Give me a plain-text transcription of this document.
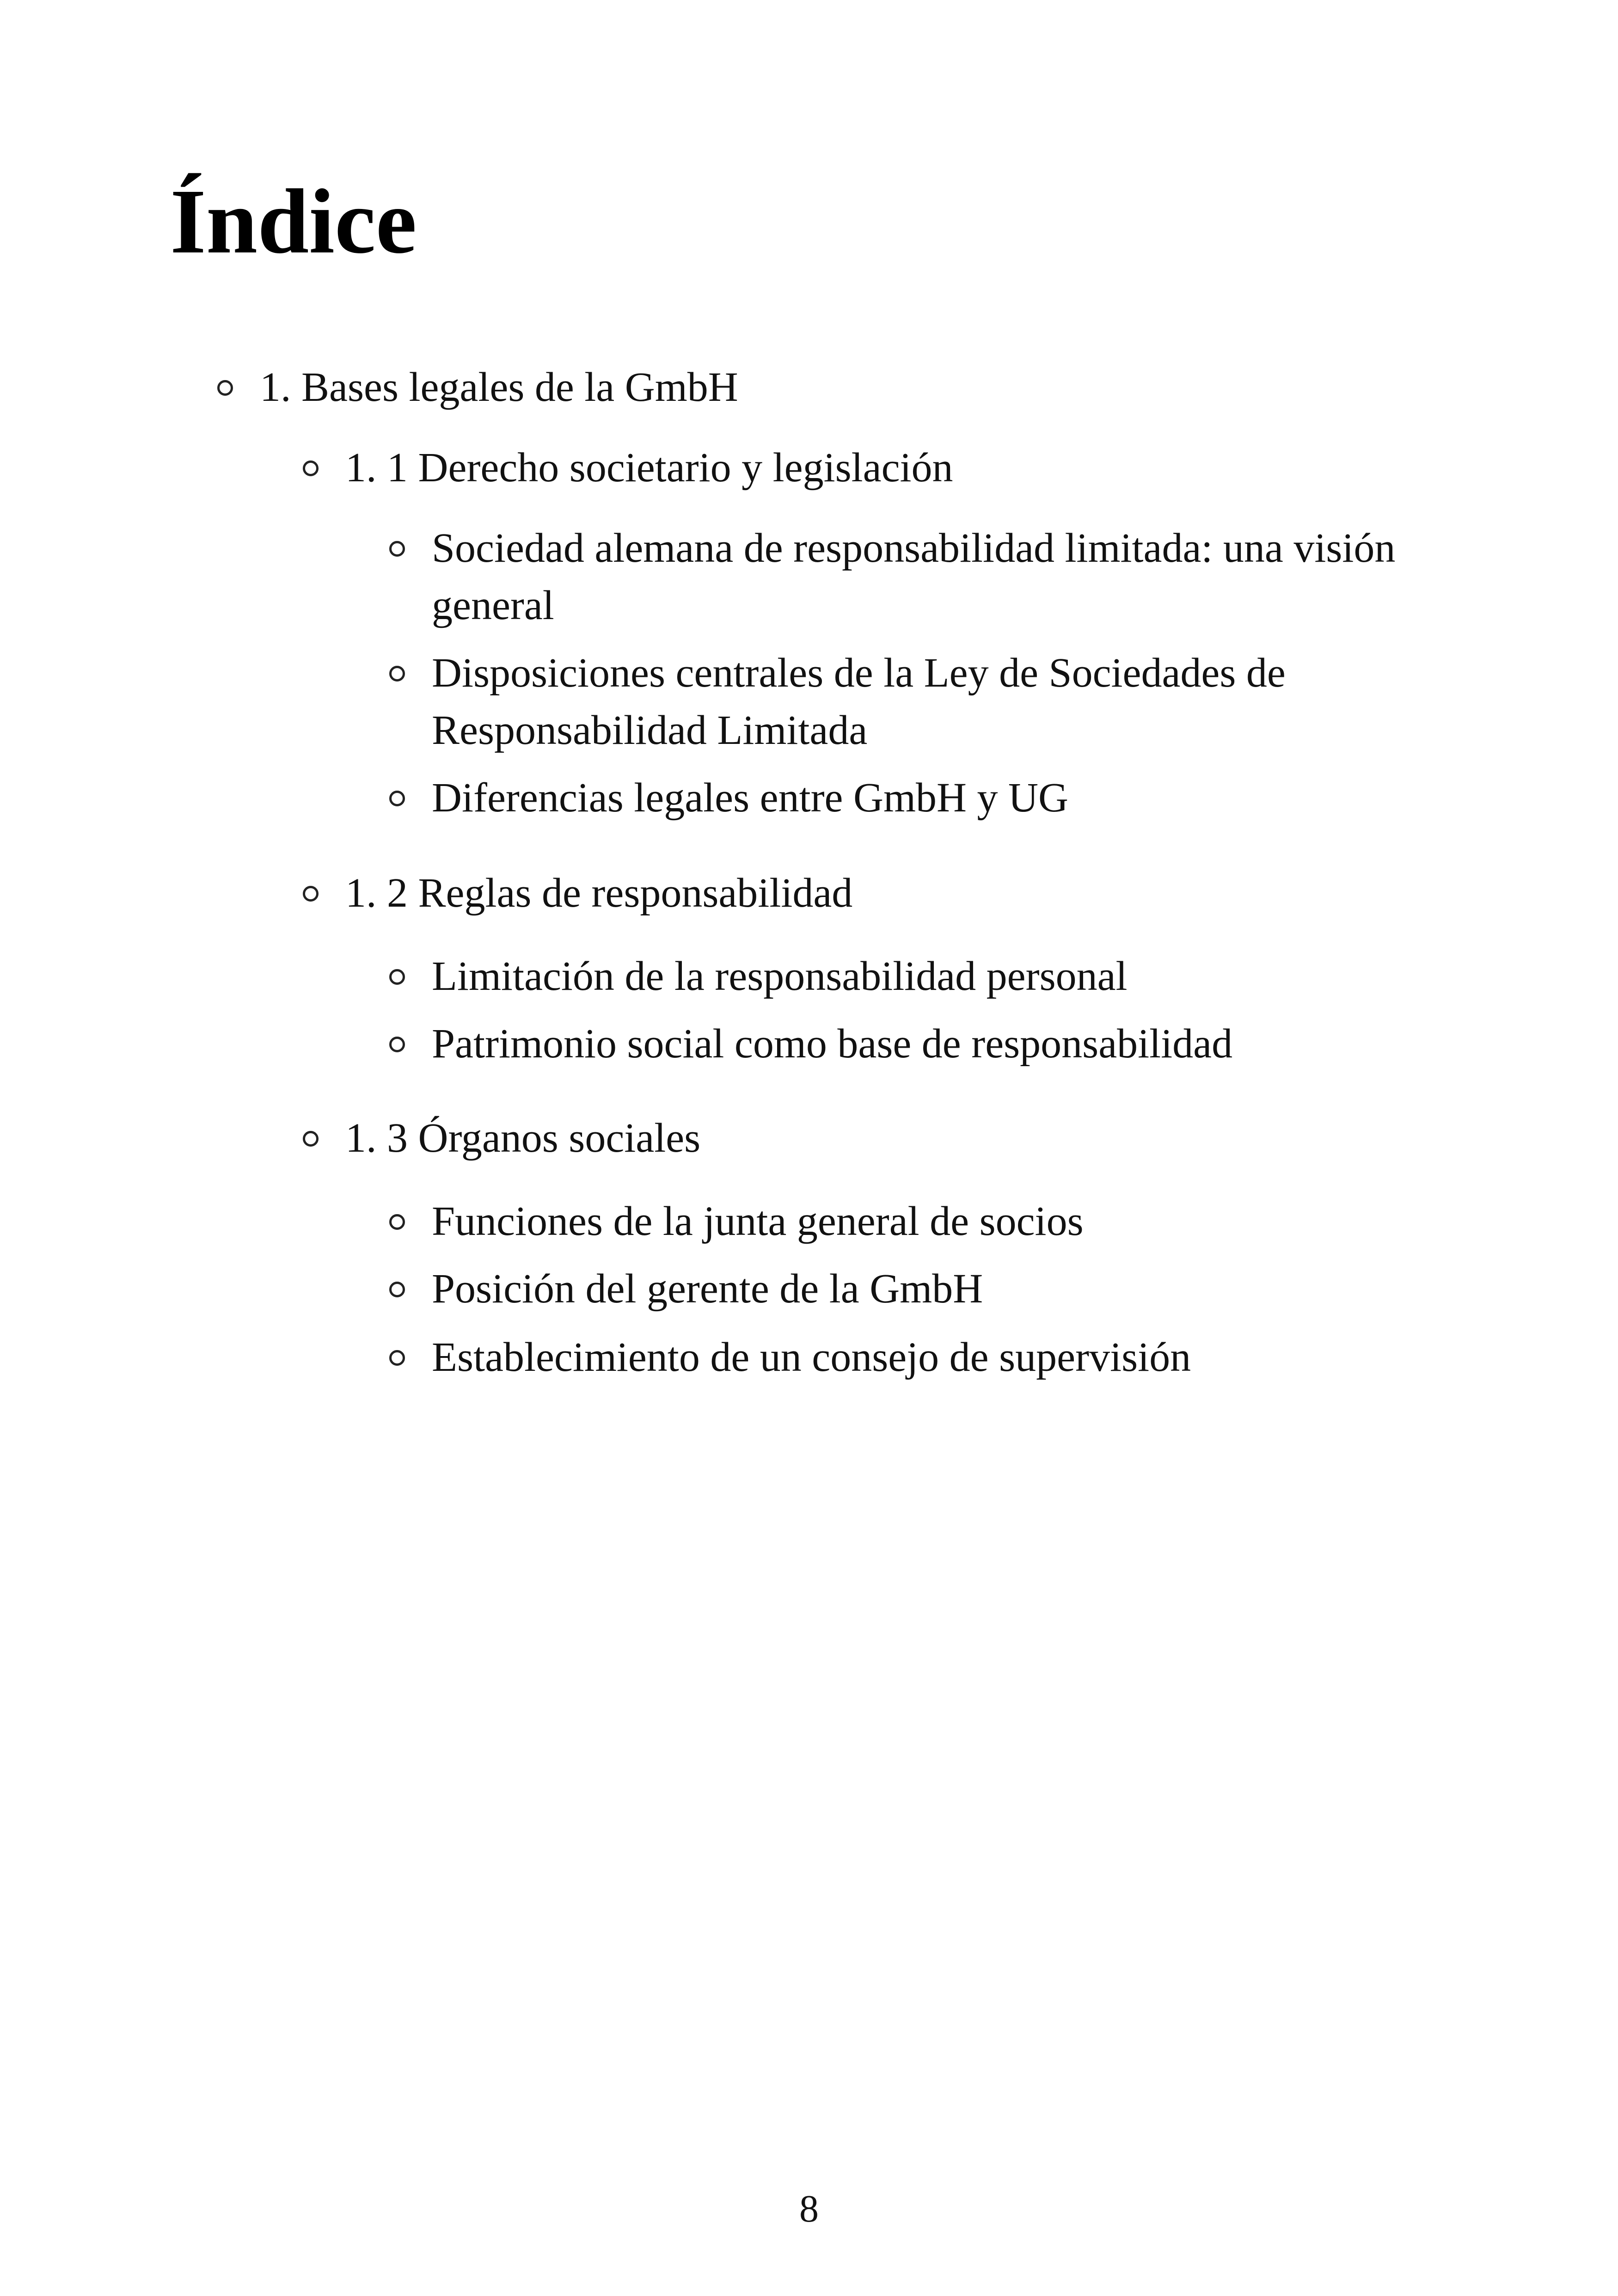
Índice
1. Bases legales de la GmbH
1. 1 Derecho societario y legislación
Sociedad alemana de responsabilidad limitada: una visión general
Disposiciones centrales de la Ley de Sociedades de Responsabilidad Limitada
Diferencias legales entre GmbH y UG
1. 2 Reglas de responsabilidad
Limitación de la responsabilidad personal
Patrimonio social como base de responsabilidad
1. 3 Órganos sociales
Funciones de la junta general de socios
Posición del gerente de la GmbH
Establecimiento de un consejo de supervisión
8
